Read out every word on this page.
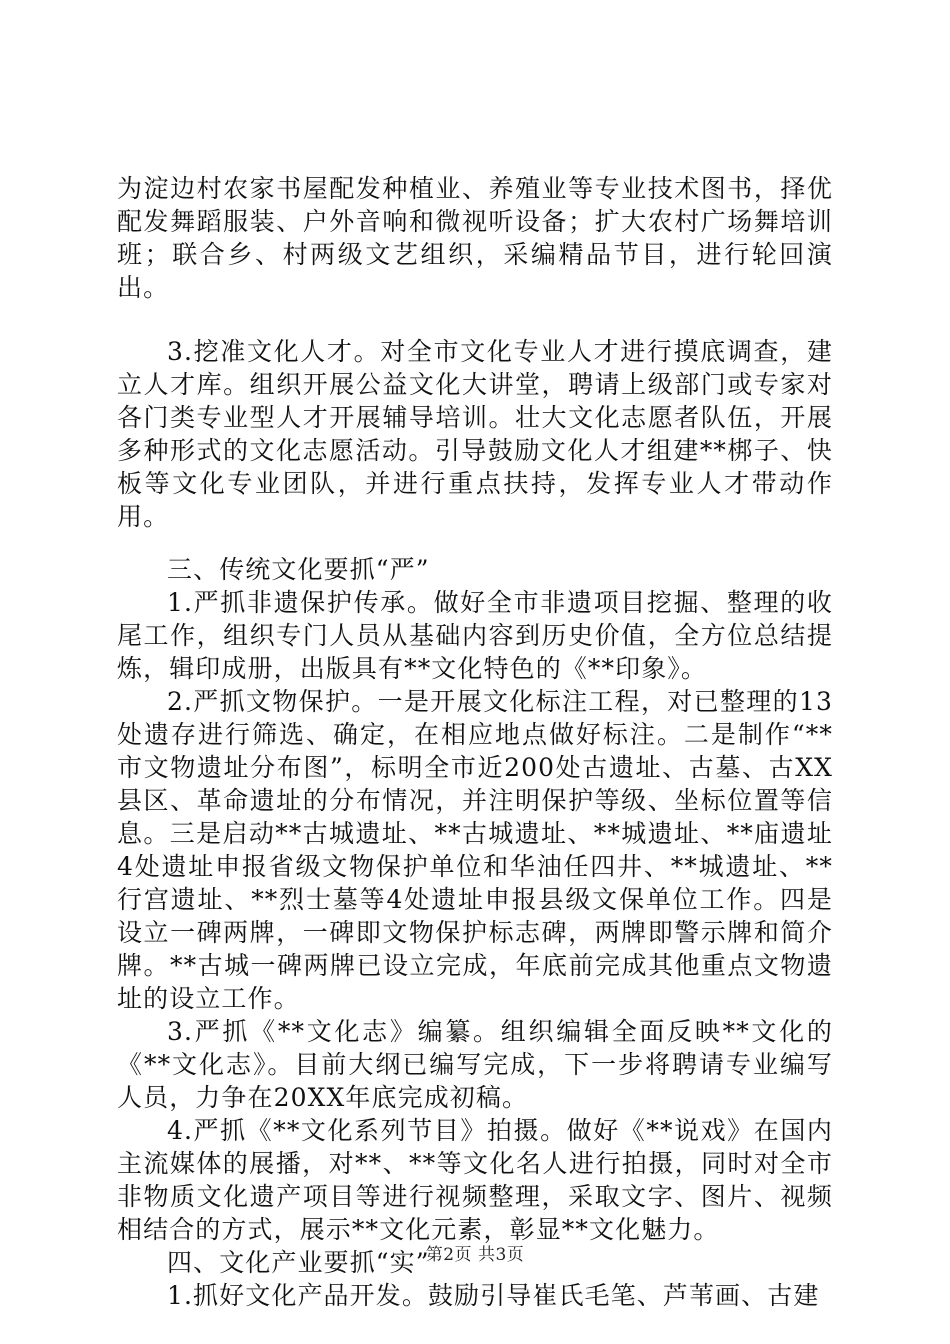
为淀边村农家书屋配发种植业、养殖业等专业技术图书，择优配发舞蹈服装、户外音响和微视听设备；扩大农村广场舞培训班；联合乡、村两级文艺组织，采编精品节目，进行轮回演出。

3.挖准文化人才。对全市文化专业人才进行摸底调查，建立人才库。组织开展公益文化大讲堂，聘请上级部门或专家对各门类专业型人才开展辅导培训。壮大文化志愿者队伍，开展多种形式的文化志愿活动。引导鼓励文化人才组建**梆子、快板等文化专业团队，并进行重点扶持，发挥专业人才带动作用。

三、传统文化要抓“严”

1.严抓非遗保护传承。做好全市非遗项目挖掘、整理的收尾工作，组织专门人员从基础内容到历史价值，全方位总结提炼，辑印成册，出版具有**文化特色的《**印象》。

2.严抓文物保护。一是开展文化标注工程，对已整理的13处遗存进行筛选、确定，在相应地点做好标注。二是制作“**市文物遗址分布图”，标明全市近200处古遗址、古墓、古XX县区、革命遗址的分布情况，并注明保护等级、坐标位置等信息。三是启动**古城遗址、**古城遗址、**城遗址、**庙遗址4处遗址申报省级文物保护单位和华油任四井、**城遗址、**行宫遗址、**烈士墓等4处遗址申报县级文保单位工作。四是设立一碑两牌，一碑即文物保护标志碑，两牌即警示牌和简介牌。**古城一碑两牌已设立完成，年底前完成其他重点文物遗址的设立工作。

3.严抓《**文化志》编纂。组织编辑全面反映**文化的《**文化志》。目前大纲已编写完成，下一步将聘请专业编写人员，力争在20XX年底完成初稿。

4.严抓《**文化系列节目》拍摄。做好《**说戏》在国内主流媒体的展播，对**、**等文化名人进行拍摄，同时对全市非物质文化遗产项目等进行视频整理，采取文字、图片、视频相结合的方式，展示**文化元素，彰显**文化魅力。

四、文化产业要抓“实”

1.抓好文化产品开发。鼓励引导崔氏毛笔、芦苇画、古建

第2页 共3页
